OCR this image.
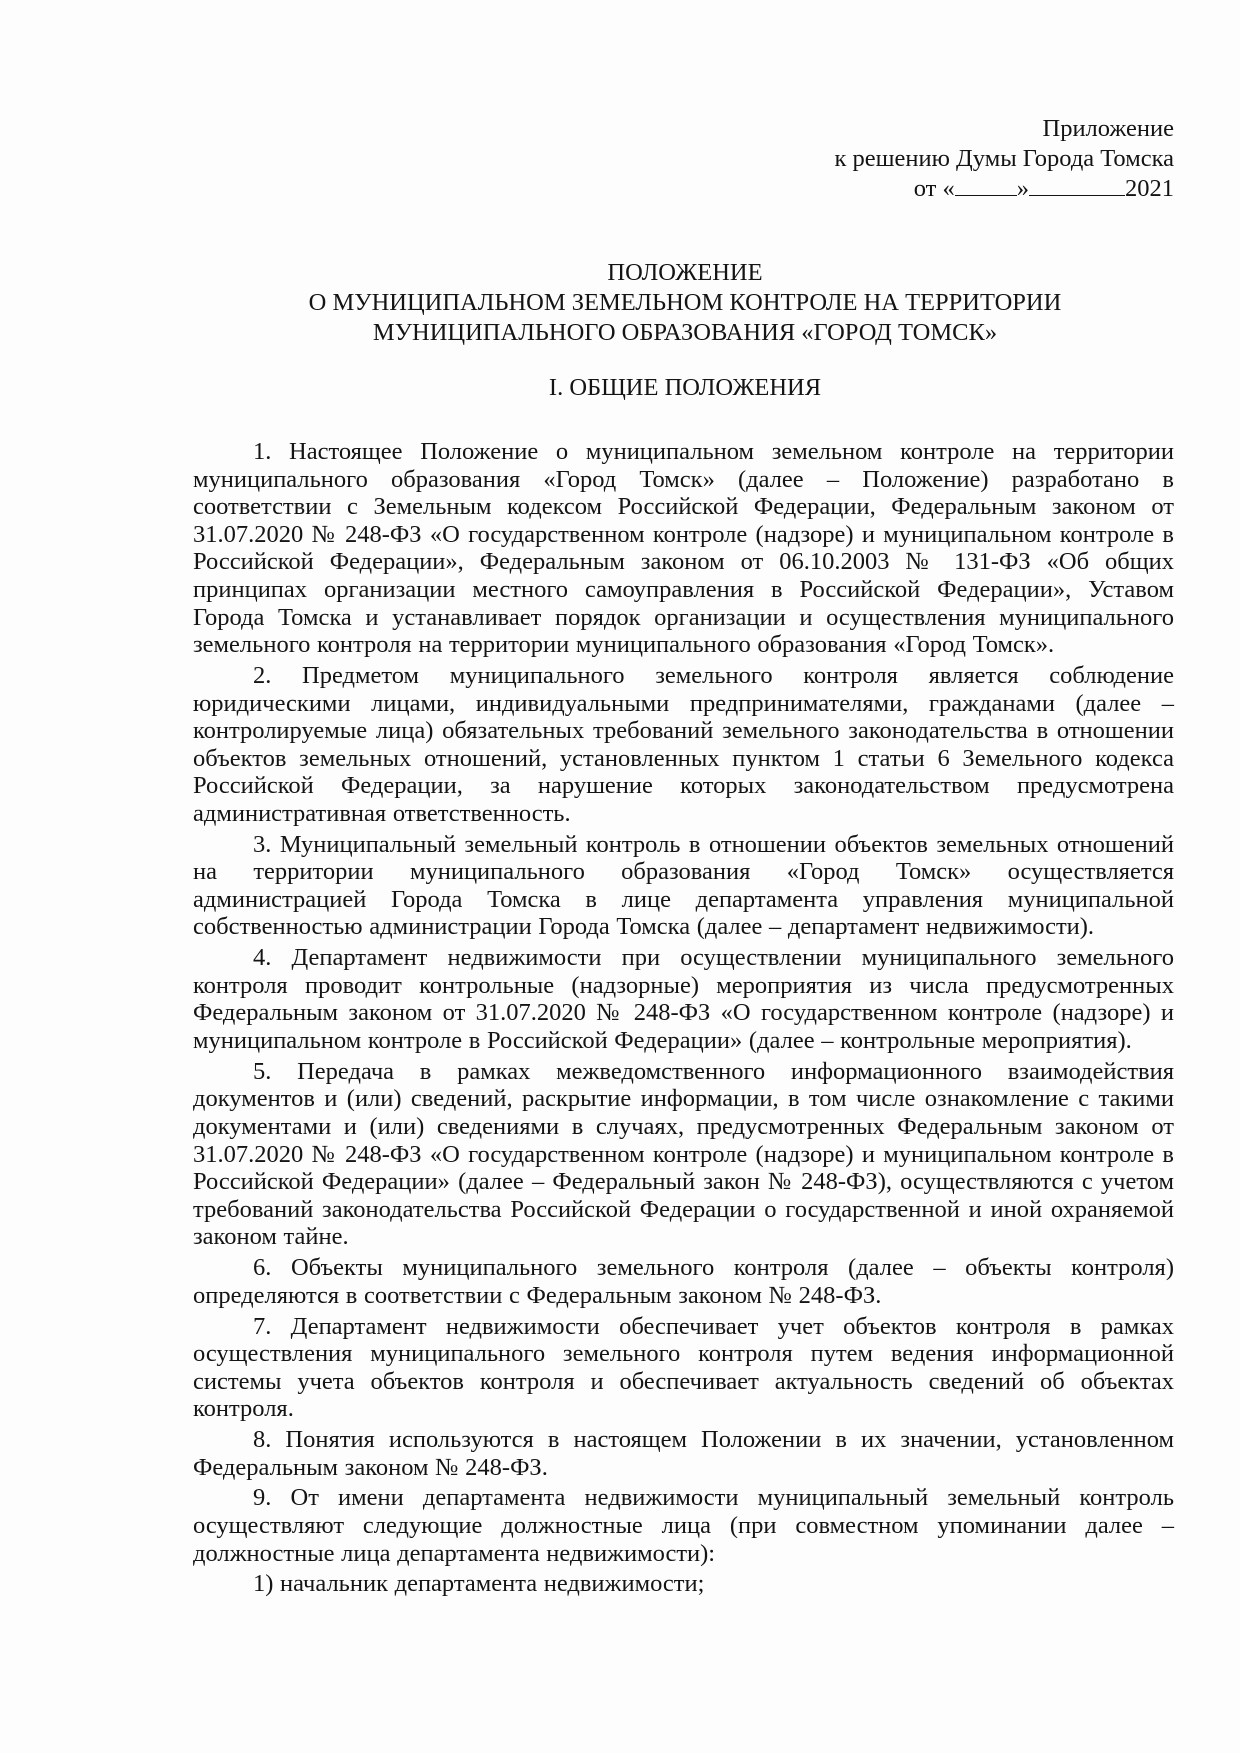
Приложение
к решению Думы Города Томска
от «	»	2021
ПОЛОЖЕНИЕ
О МУНИЦИПАЛЬНОМ ЗЕМЕЛЬНОМ КОНТРОЛЕ НА ТЕРРИТОРИИ
МУНИЦИПАЛЬНОГО ОБРАЗОВАНИЯ «ГОРОД ТОМСК»
I. ОБЩИЕ ПОЛОЖЕНИЯ

1. Настоящее Положение о муниципальном земельном контроле на территории муниципального образования «Город Томск» (далее – Положение) разработано в соответствии с Земельным кодексом Российской Федерации, Федеральным законом от 31.07.2020 № 248-ФЗ «О государственном контроле (надзоре) и муниципальном контроле в Российской Федерации», Федеральным законом от 06.10.2003 № 131-ФЗ «Об общих принципах организации местного самоуправления в Российской Федерации», Уставом Города Томска и устанавливает порядок организации и осуществления муниципального земельного контроля на территории муниципального образования «Город Томск».

2. Предметом муниципального земельного контроля является соблюдение юридическими лицами, индивидуальными предпринимателями, гражданами (далее – контролируемые лица) обязательных требований земельного законодательства в отношении объектов земельных отношений, установленных пунктом 1 статьи 6 Земельного кодекса Российской Федерации, за нарушение которых законодательством предусмотрена административная ответственность.

3. Муниципальный земельный контроль в отношении объектов земельных отношений на территории муниципального образования «Город Томск» осуществляется администрацией Города Томска в лице департамента управления муниципальной собственностью администрации Города Томска (далее – департамент недвижимости).

4. Департамент недвижимости при осуществлении муниципального земельного контроля проводит контрольные (надзорные) мероприятия из числа предусмотренных Федеральным законом от 31.07.2020 № 248-ФЗ «О государственном контроле (надзоре) и муниципальном контроле в Российской Федерации» (далее – контрольные мероприятия).

5. Передача в рамках межведомственного информационного взаимодействия документов и (или) сведений, раскрытие информации, в том числе ознакомление с такими документами и (или) сведениями в случаях, предусмотренных Федеральным законом от 31.07.2020 № 248-ФЗ «О государственном контроле (надзоре) и муниципальном контроле в Российской Федерации» (далее – Федеральный закон № 248-ФЗ), осуществляются с учетом требований законодательства Российской Федерации о государственной и иной охраняемой законом тайне.

6. Объекты муниципального земельного контроля (далее – объекты контроля) определяются в соответствии с Федеральным законом № 248-ФЗ.

7. Департамент недвижимости обеспечивает учет объектов контроля в рамках осуществления муниципального земельного контроля путем ведения информационной системы учета объектов контроля и обеспечивает актуальность сведений об объектах контроля.

8. Понятия используются в настоящем Положении в их значении, установленном Федеральным законом № 248-ФЗ.

9. От имени департамента недвижимости муниципальный земельный контроль осуществляют следующие должностные лица (при совместном упоминании далее – должностные лица департамента недвижимости):

1) начальник департамента недвижимости;
